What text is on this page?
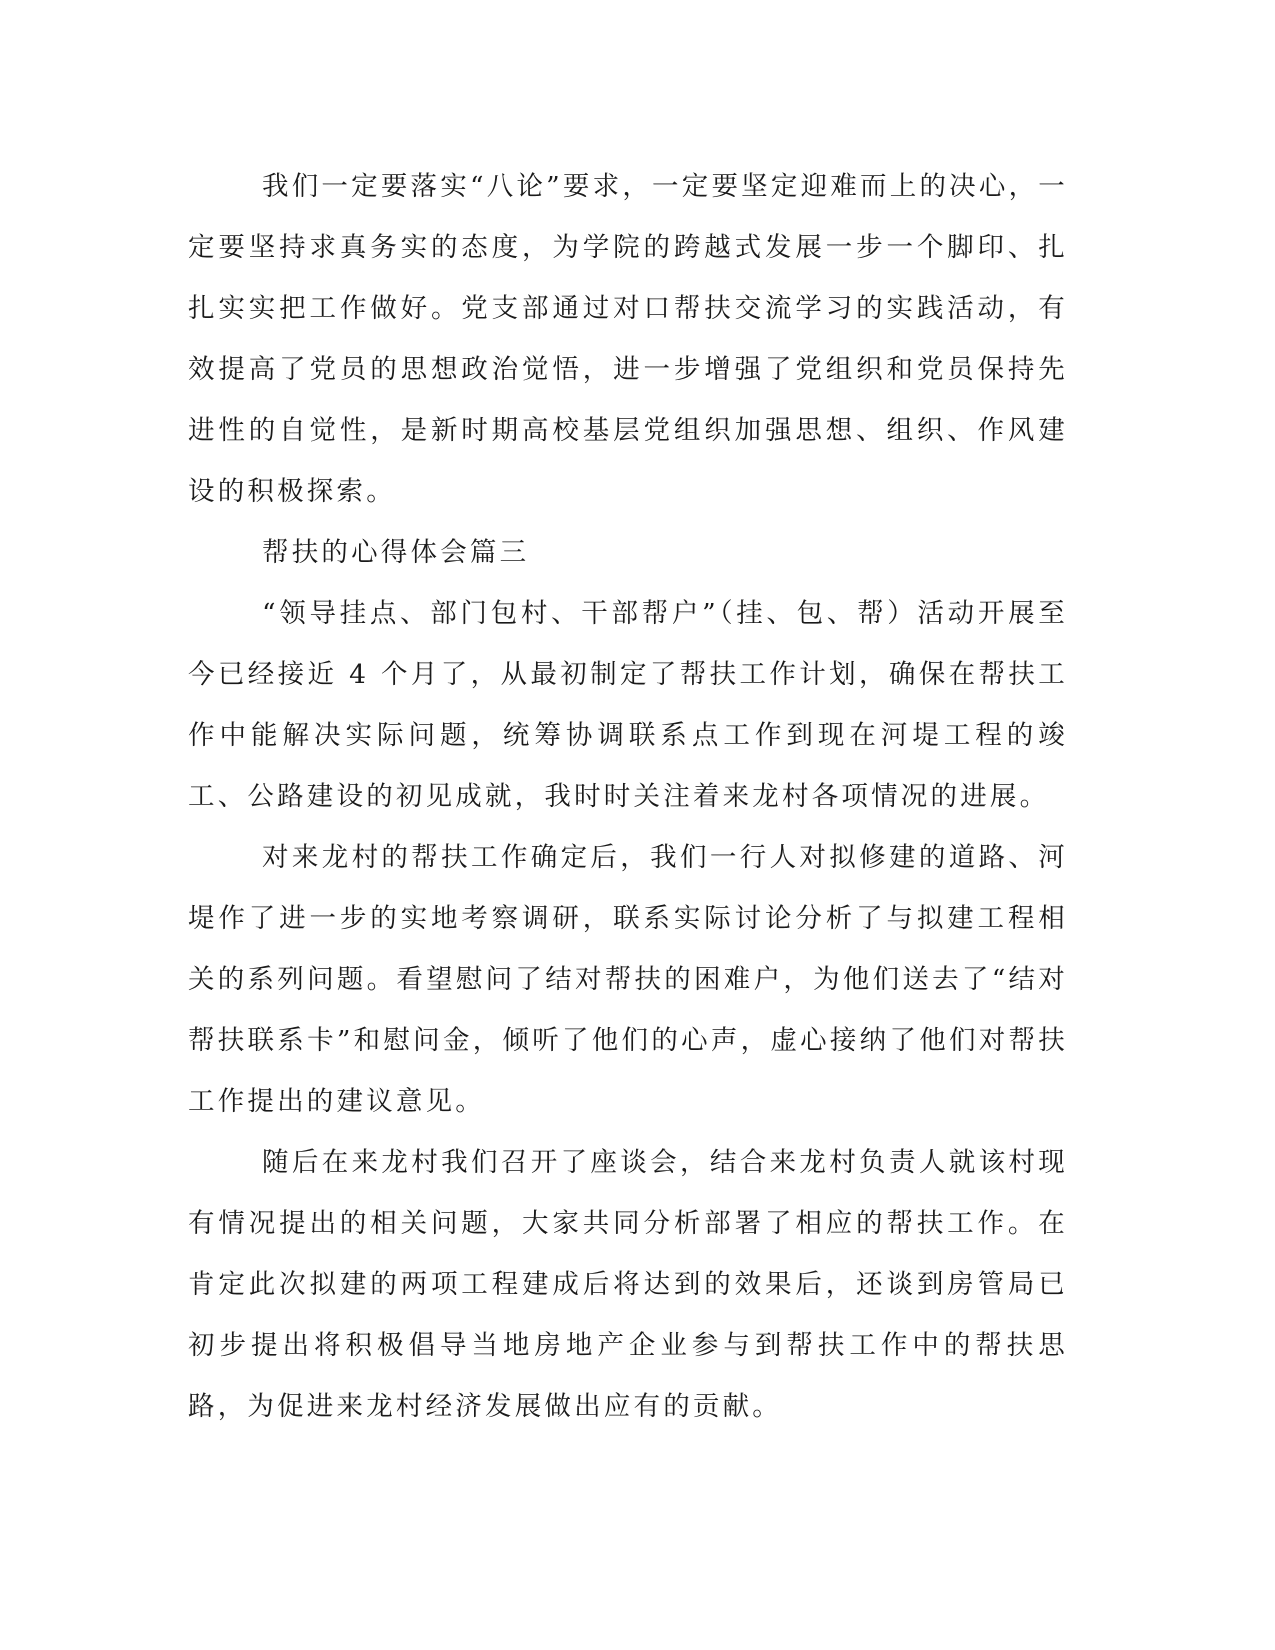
我们一定要落实“八论”要求，一定要坚定迎难而上的决心，一定要坚持求真务实的态度，为学院的跨越式发展一步一个脚印、扎扎实实把工作做好。党支部通过对口帮扶交流学习的实践活动，有效提高了党员的思想政治觉悟，进一步增强了党组织和党员保持先进性的自觉性，是新时期高校基层党组织加强思想、组织、作风建设的积极探索。

帮扶的心得体会篇三

“领导挂点、部门包村、干部帮户”（挂、包、帮）活动开展至今已经接近 4 个月了，从最初制定了帮扶工作计划，确保在帮扶工作中能解决实际问题，统筹协调联系点工作到现在河堤工程的竣工、公路建设的初见成就，我时时关注着来龙村各项情况的进展。

对来龙村的帮扶工作确定后，我们一行人对拟修建的道路、河堤作了进一步的实地考察调研，联系实际讨论分析了与拟建工程相关的系列问题。看望慰问了结对帮扶的困难户，为他们送去了“结对帮扶联系卡”和慰问金，倾听了他们的心声，虚心接纳了他们对帮扶工作提出的建议意见。

随后在来龙村我们召开了座谈会，结合来龙村负责人就该村现有情况提出的相关问题，大家共同分析部署了相应的帮扶工作。在肯定此次拟建的两项工程建成后将达到的效果后，还谈到房管局已初步提出将积极倡导当地房地产企业参与到帮扶工作中的帮扶思路，为促进来龙村经济发展做出应有的贡献。
